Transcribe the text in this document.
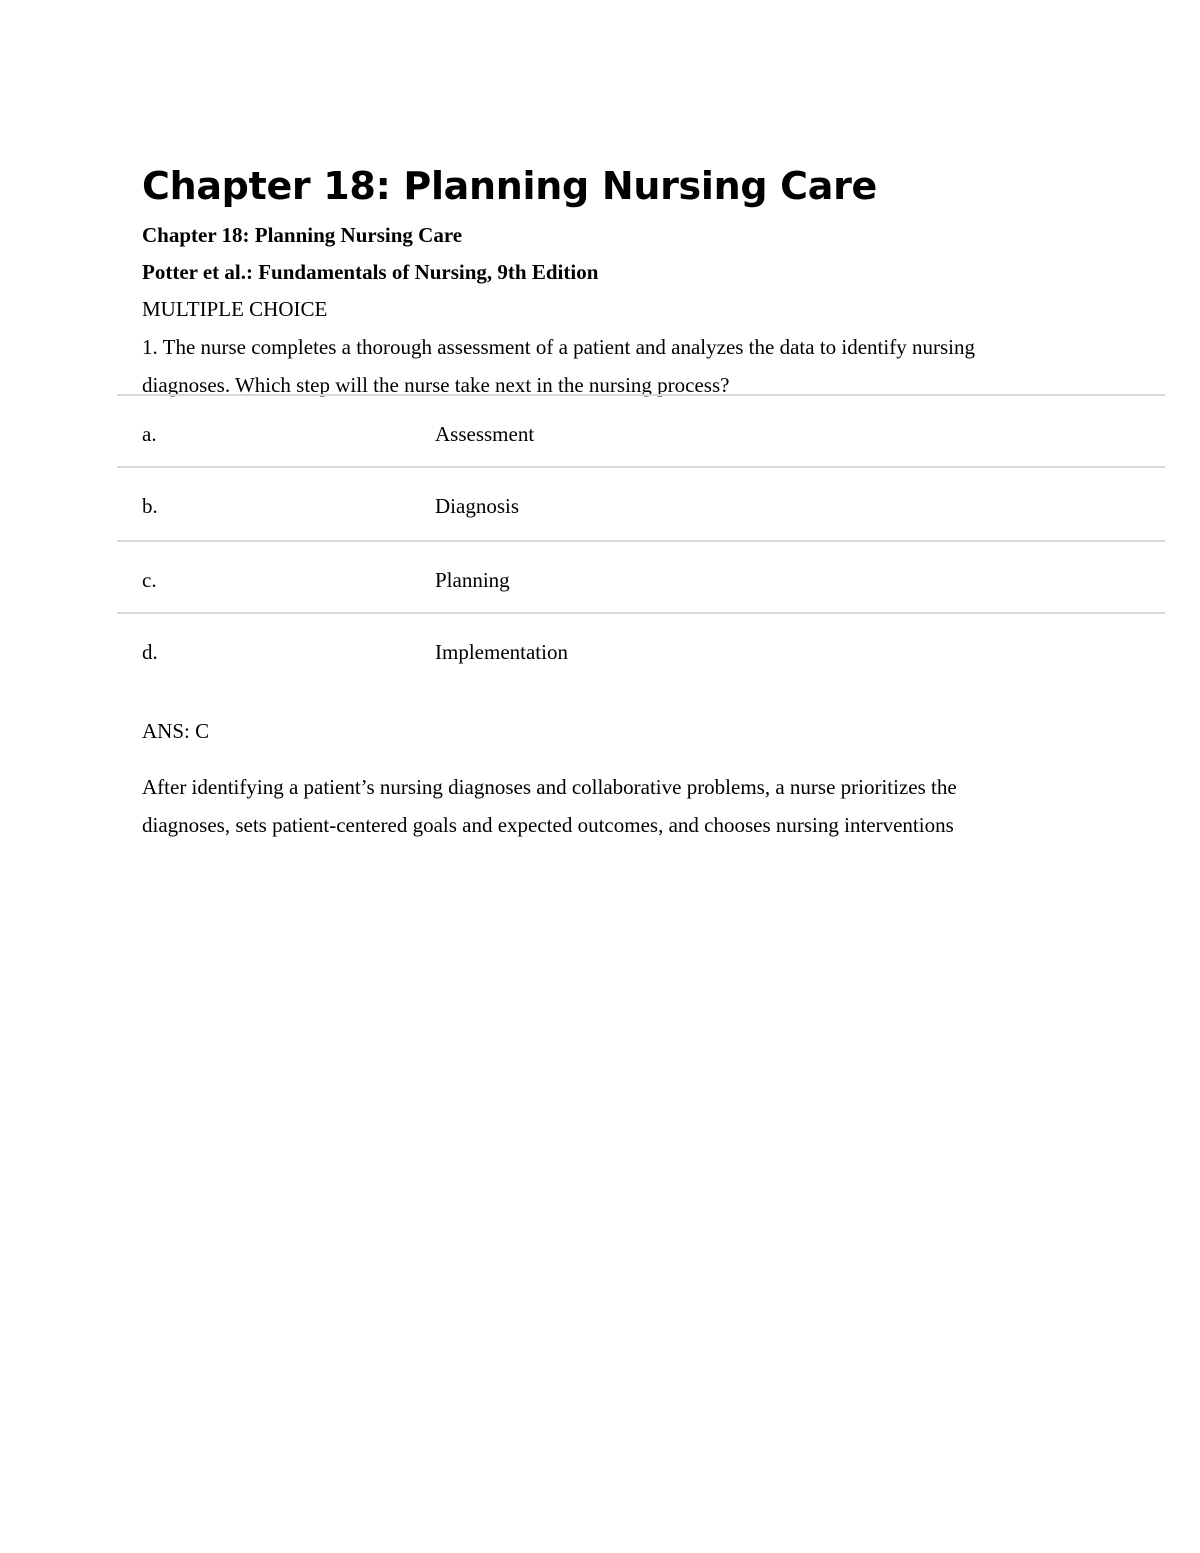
Chapter 18: Planning Nursing Care

Chapter 18: Planning Nursing Care

Potter et al.: Fundamentals of Nursing, 9th Edition

MULTIPLE CHOICE

1. The nurse completes a thorough assessment of a patient and analyzes the data to identify nursing

diagnoses. Which step will the nurse take next in the nursing process?

a.	Assessment
b.	Diagnosis
c.	Planning
d.	Implementation

ANS: C

After identifying a patient’s nursing diagnoses and collaborative problems, a nurse prioritizes the

diagnoses, sets patient-centered goals and expected outcomes, and chooses nursing interventions
